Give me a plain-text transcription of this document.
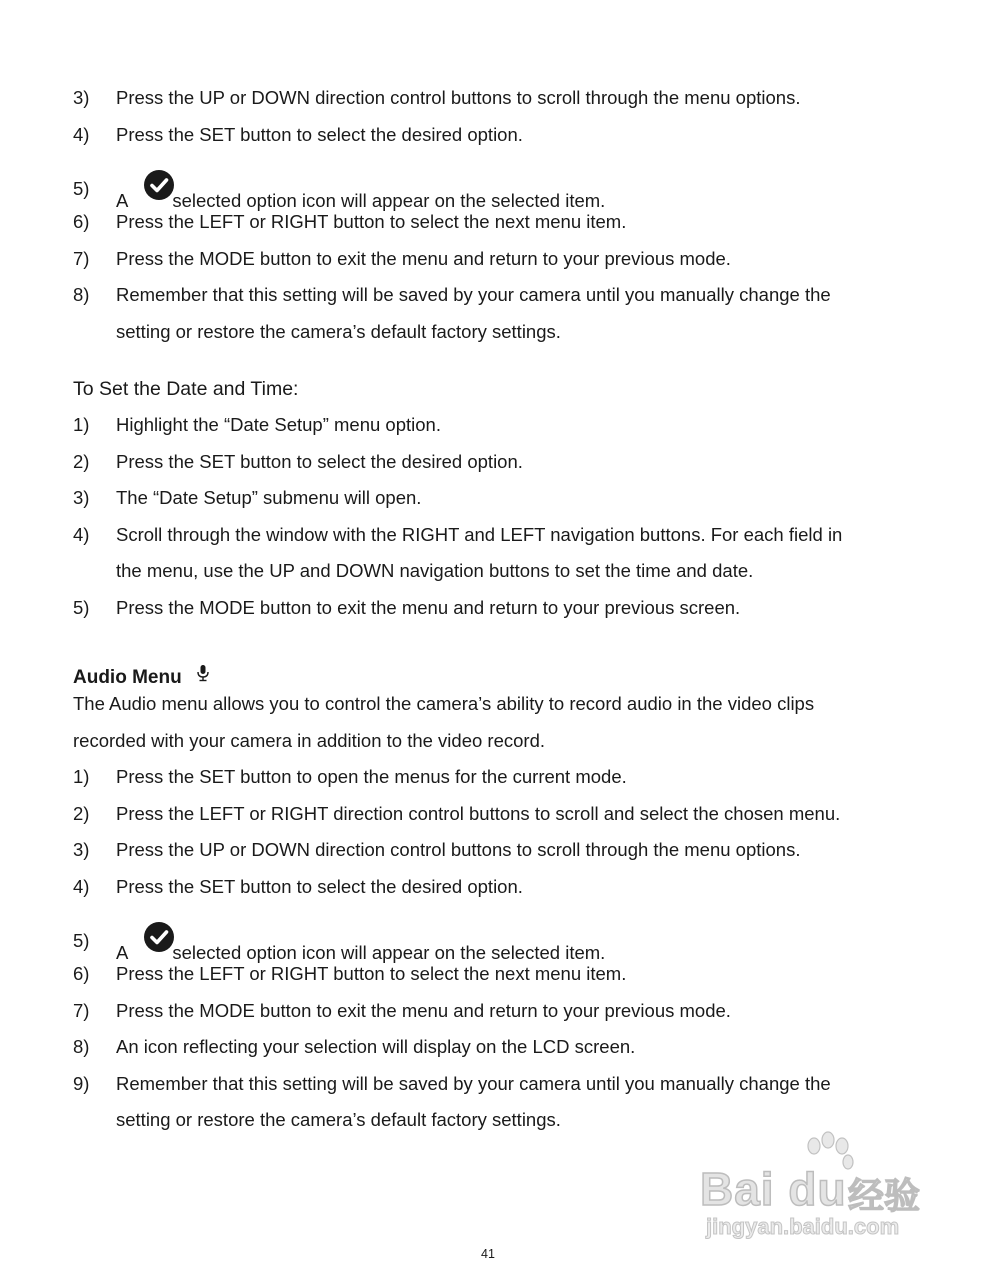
3) Press the UP or DOWN direction control buttons to scroll through the menu options.
4) Press the SET button to select the desired option.
5)
A selected option icon will appear on the selected item.
6) Press the LEFT or RIGHT button to select the next menu item.
7) Press the MODE button to exit the menu and return to your previous mode.
8) Remember that this setting will be saved by your camera until you manually change the
setting or restore the camera’s default factory settings.
To Set the Date and Time:
1) Highlight the “Date Setup” menu option.
2) Press the SET button to select the desired option.
3) The “Date Setup” submenu will open.
4) Scroll through the window with the RIGHT and LEFT navigation buttons. For each field in
the menu, use the UP and DOWN navigation buttons to set the time and date.
5) Press the MODE button to exit the menu and return to your previous screen.
Audio Menu
The Audio menu allows you to control the camera’s ability to record audio in the video clips
recorded with your camera in addition to the video record.
1) Press the SET button to open the menus for the current mode.
2) Press the LEFT or RIGHT direction control buttons to scroll and select the chosen menu.
3) Press the UP or DOWN direction control buttons to scroll through the menu options.
4) Press the SET button to select the desired option.
5)
A selected option icon will appear on the selected item.
6) Press the LEFT or RIGHT button to select the next menu item.
7) Press the MODE button to exit the menu and return to your previous mode.
8) An icon reflecting your selection will display on the LCD screen.
9) Remember that this setting will be saved by your camera until you manually change the
setting or restore the camera’s default factory settings.
Bai du 经验
jingyan.baidu.com
41
